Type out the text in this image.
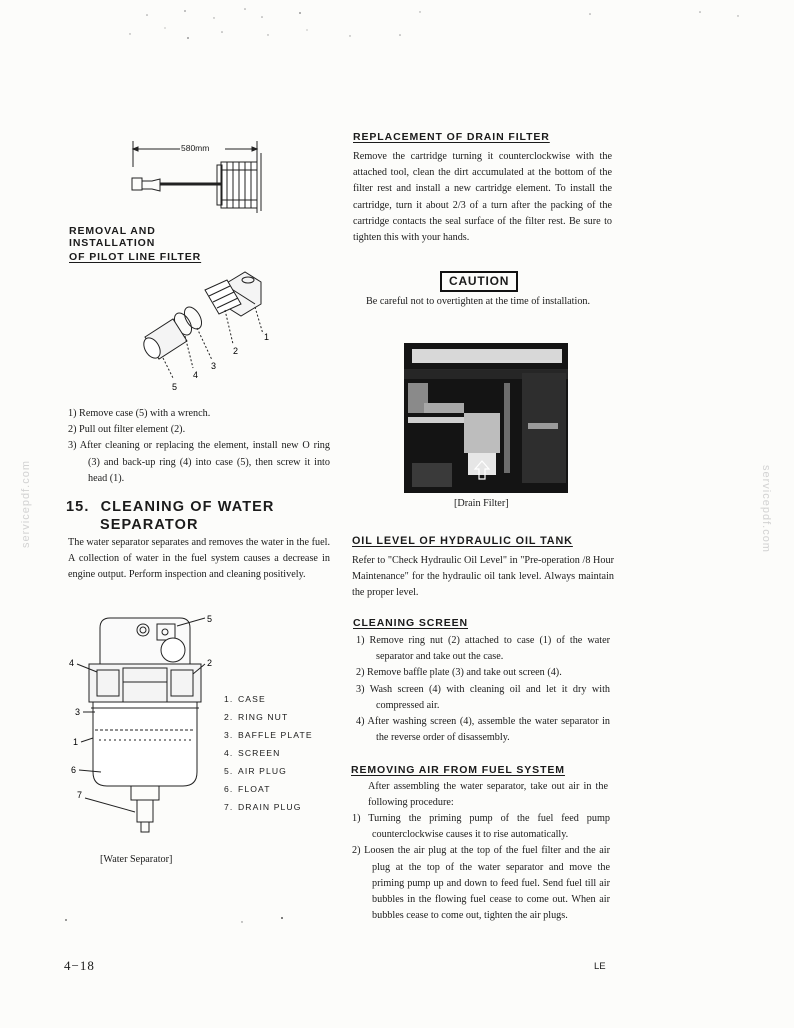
servicepdf.com	servicepdf.com
580mm

REMOVAL AND INSTALLATION

OF PILOT LINE FILTER

1
2
3
4
5
1) Remove case (5) with a wrench.
2) Pull out filter element (2).
3) After cleaning or replacing the element, install new O ring (3) and back-up ring (4) into case (5), then screw it into head (1).
15. CLEANING OF WATER
SEPARATOR

The water separator separates and removes the water in the fuel. A collection of water in the fuel system causes a decrease in engine output. Perform inspection and cleaning positively.

5
2
4
3
1
6
7
1. CASE
2. RING NUT
3. BAFFLE PLATE
4. SCREEN
5. AIR PLUG
6. FLOAT
7. DRAIN PLUG
[Water Separator]

REPLACEMENT OF DRAIN FILTER

Remove the cartridge turning it counterclockwise with the attached tool, clean the dirt accumulated at the bottom of the filter rest and install a new cartridge element. To install the cartridge, turn it about 2/3 of a turn after the packing of the cartridge contacts the seal surface of the filter rest. Be sure to tighten this with your hands.

CAUTION

Be careful not to overtighten at the time of installation.

[Drain Filter]

OIL LEVEL OF HYDRAULIC OIL TANK

Refer to "Check Hydraulic Oil Level" in "Pre-operation /8 Hour Maintenance" for the hydraulic oil tank level. Always maintain the proper level.

CLEANING SCREEN

1) Remove ring nut (2) attached to case (1) of the water separator and take out the case.
2) Remove baffle plate (3) and take out screen (4).
3) Wash screen (4) with cleaning oil and let it dry with compressed air.
4) After washing screen (4), assemble the water separator in the reverse order of disassembly.

REMOVING AIR FROM FUEL SYSTEM

After assembling the water separator, take out air in the following procedure:

1) Turning the priming pump of the fuel feed pump counterclockwise causes it to rise automatically.
2) Loosen the air plug at the top of the fuel filter and the air plug at the top of the water separator and move the priming pump up and down to feed fuel. Send fuel till air bubbles in the flowing fuel cease to come out. When air bubbles cease to come out, tighten the air plugs.
4−18	LE
